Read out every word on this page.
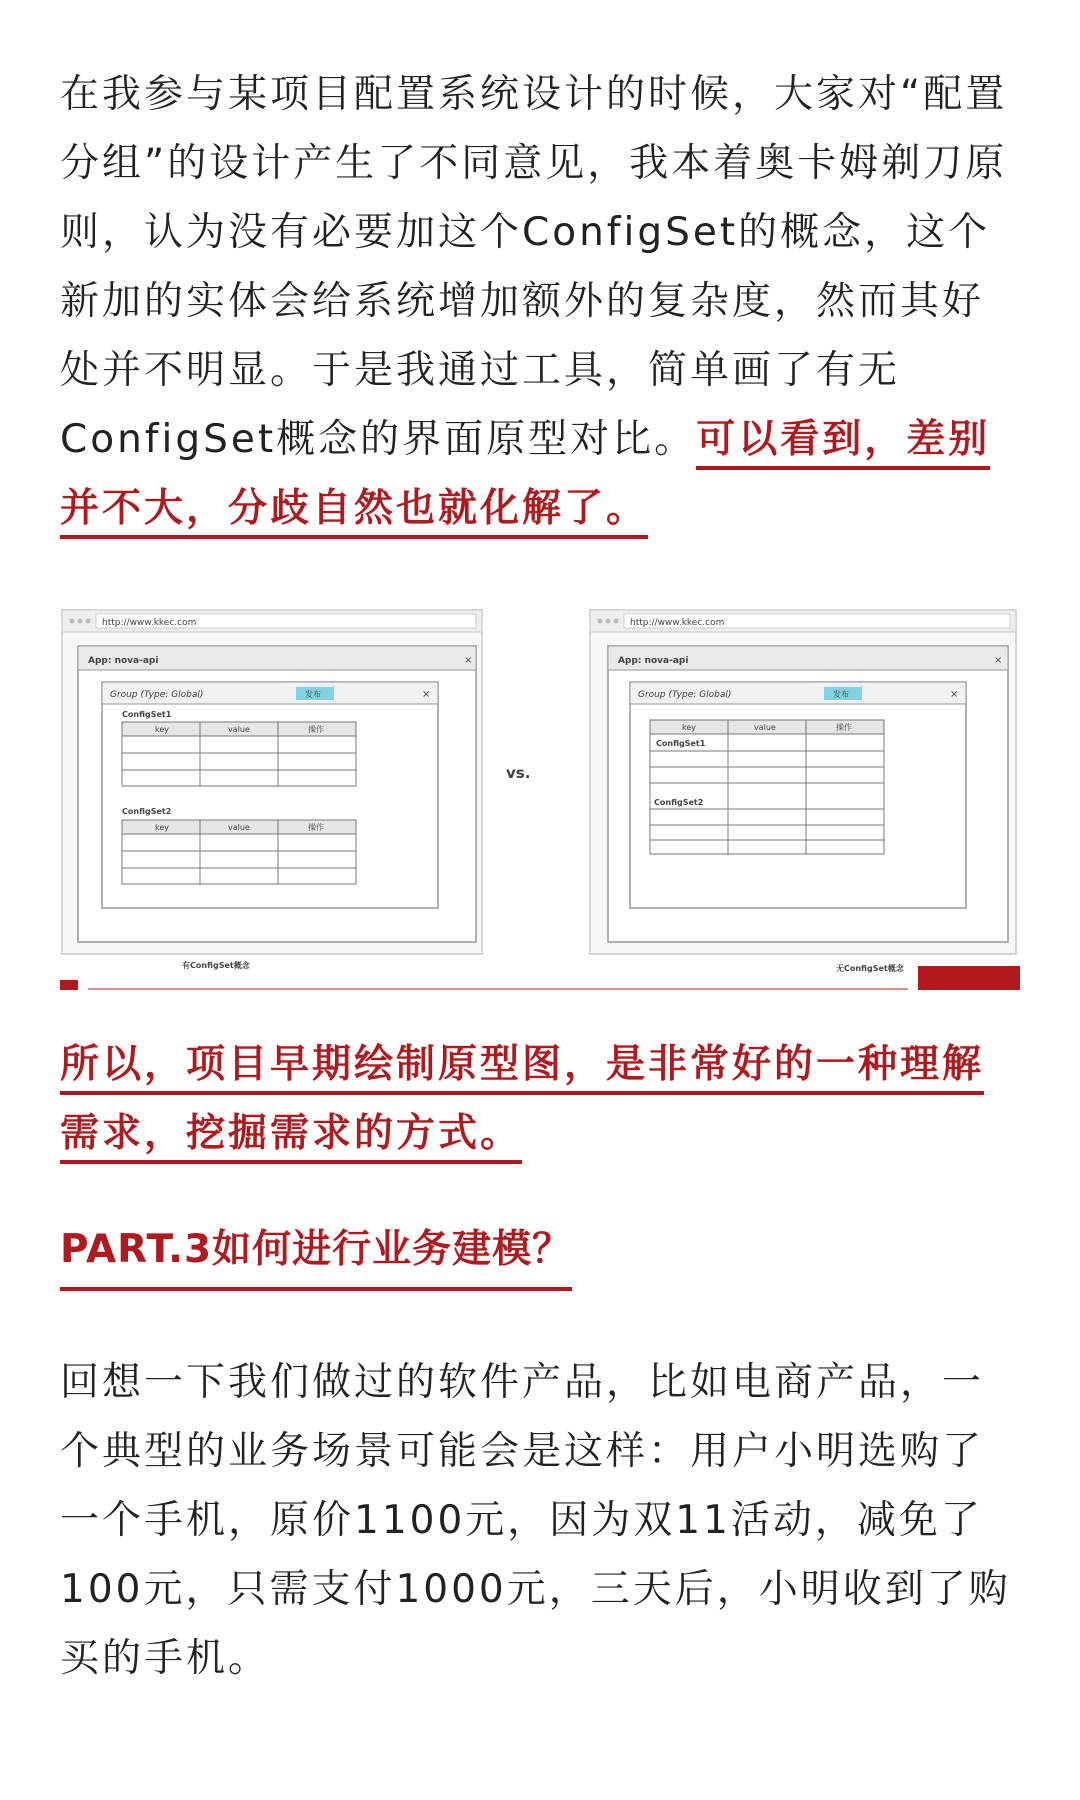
在我参与某项目配置系统设计的时候，大家对“配置分组”的设计产生了不同意见，我本着奥卡姆剃刀原则，认为没有必要加这个ConfigSet的概念，这个新加的实体会给系统增加额外的复杂度，然而其好处并不明显。于是我通过工具，简单画了有无ConfigSet概念的界面原型对比。可以看到，差别并不大，分歧自然也就化解了。

http://www.kkec.com
App: nova-api	×
Group (Type: Global)	发布	×
ConfigSet1
key	value	操作
ConfigSet2
key	value	操作
有ConfigSet概念
vs.
http://www.kkec.com
App: nova-api	×
Group (Type: Global)	发布	×
key	value	操作
ConfigSet1
ConfigSet2
无ConfigSet概念

所以，项目早期绘制原型图，是非常好的一种理解需求，挖掘需求的方式。

PART.3如何进行业务建模？

回想一下我们做过的软件产品，比如电商产品，一个典型的业务场景可能会是这样：用户小明选购了一个手机，原价1100元，因为双11活动，减免了100元，只需支付1000元，三天后，小明收到了购买的手机。
